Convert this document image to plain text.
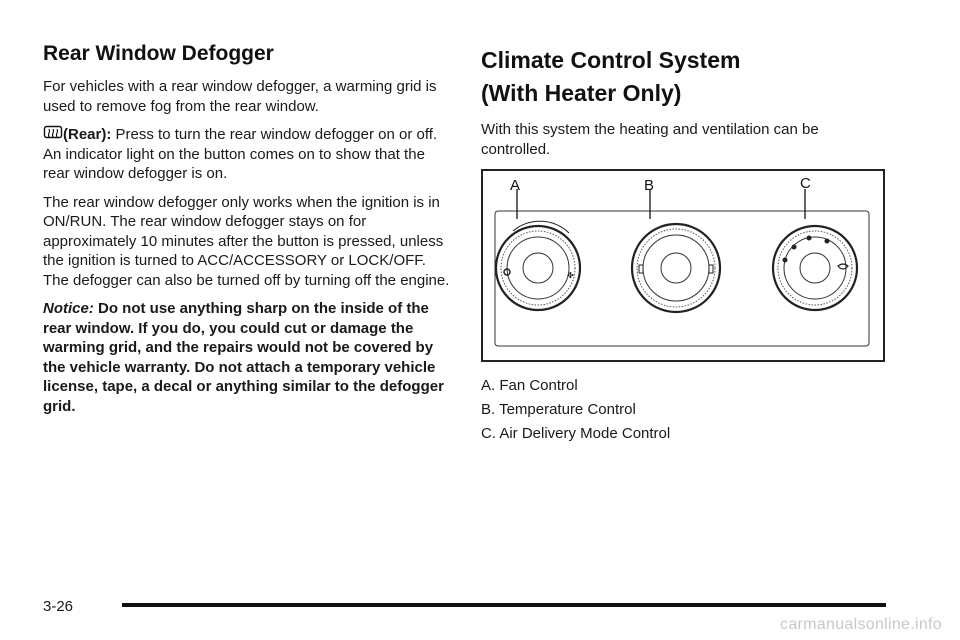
Rear Window Defogger

For vehicles with a rear window defogger, a warming grid is used to remove fog from the rear window.

(Rear): Press to turn the rear window defogger on or off. An indicator light on the button comes on to show that the rear window defogger is on.

The rear window defogger only works when the ignition is in ON/RUN. The rear window defogger stays on for approximately 10 minutes after the button is pressed, unless the ignition is turned to ACC/ACCESSORY or LOCK/OFF. The defogger can also be turned off by turning off the engine.

Notice: Do not use anything sharp on the inside of the rear window. If you do, you could cut or damage the warming grid, and the repairs would not be covered by the vehicle warranty. Do not attach a temporary vehicle license, tape, a decal or anything similar to the defogger grid.

Climate Control System
(With Heater Only)

With this system the heating and ventilation can be controlled.

✤
A	B	C

A. Fan Control

B. Temperature Control

C. Air Delivery Mode Control

3-26
carmanualsonline.info
